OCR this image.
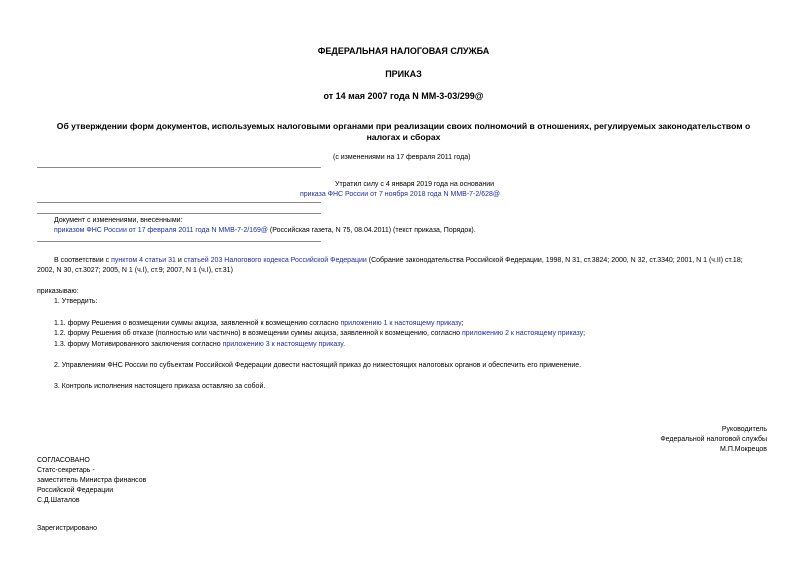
ФЕДЕРАЛЬНАЯ НАЛОГОВАЯ СЛУЖБА
ПРИКАЗ
от 14 мая 2007 года N ММ-3-03/299@
Об утверждении форм документов, используемых налоговыми органами при реализации своих полномочий в отношениях, регулируемых законодательством о
налогах и сборах
(с изменениями на 17 февраля 2011 года)
Утратил силу с 4 января 2019 года на основании
приказа ФНС России от 7 ноября 2018 года N ММВ-7-2/628@
Документ с изменениями, внесенными:
приказом ФНС России от 17 февраля 2011 года N ММВ-7-2/169@ (Российская газета, N 75, 08.04.2011) (текст приказа, Порядок).
В соответствии с пунктом 4 статьи 31 и статьей 203 Налогового кодекса Российской Федерации (Собрание законодательства Российской Федерации, 1998, N 31, ст.3824; 2000, N 32, ст.3340; 2001, N 1 (ч.II) ст.18;
2002, N 30, ст.3027; 2005, N 1 (ч.I), ст.9; 2007, N 1 (ч.I), ст.31)
приказываю:
1. Утвердить:
1.1. форму Решения о возмещении суммы акциза, заявленной к возмещению согласно приложению 1 к настоящему приказу;
1.2. форму Решения об отказе (полностью или частично) в возмещении суммы акциза, заявленной к возмещению, согласно приложению 2 к настоящему приказу;
1.3. форму Мотивированного заключения согласно приложению 3 к настоящему приказу.
2. Управлениям ФНС России по субъектам Российской Федерации довести настоящий приказ до нижестоящих налоговых органов и обеспечить его применение.
3. Контроль исполнения настоящего приказа оставляю за собой.
Руководитель
Федеральной налоговой службы
М.П.Мокрецов
СОГЛАСОВАНО
Статс-секретарь -
заместитель Министра финансов
Российской Федерации
С.Д.Шаталов
Зарегистрировано
